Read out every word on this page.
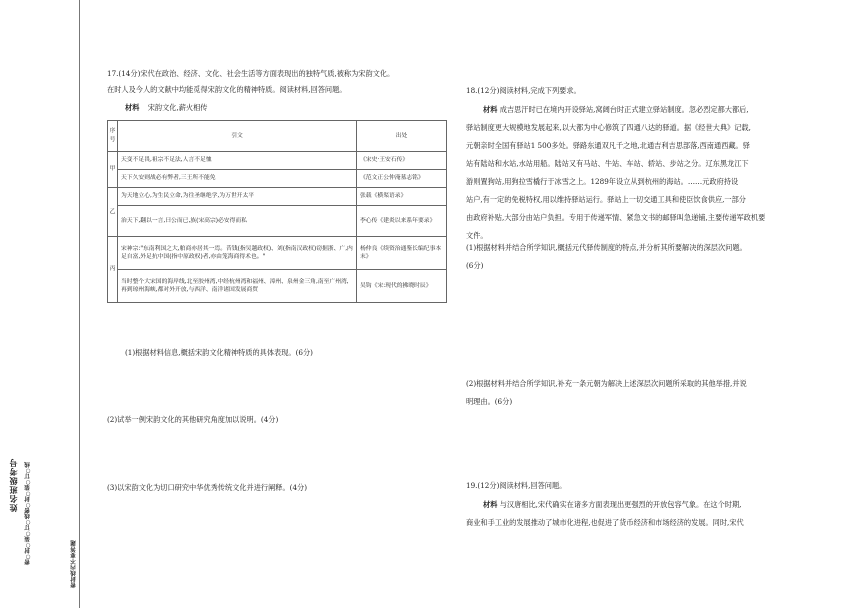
姓名班级考号 密○封○装○订○线密○封○装○订○线	密封线内不要答题
17.(14分)宋代在政治、经济、文化、社会生活等方面表现出的独特气质,被称为宋韵文化。
在时人及今人的文献中均能觅得宋韵文化的精神特质。阅读材料,回答问题。
材料 宋韵文化,薪火相传
序号	引文	出处
甲	天变不足畏,祖宗不足法,人言不足恤	《宋史·王安石传》
	天下久安则战必有弊者,三王所不能免	《范文正公仲淹墓志铭》
乙	为天地立心,为生民立命,为往圣继绝学,为万世开太平	张载《横渠语录》
	治天下,翻以一言,曰公而已,族(宋高宗)必安得而私	李心传《建炎以来系年要录》
丙	宋神宗:"东南利国之大,舶商亦居其一焉。昔钱(指吴越政权)、刘(指南汉政权)窃据浙、广,内足自富,外足抗中国(指中原政权)者,亦由笼海商得术也。"	杨仲良《续资治通鉴长编纪事本末》
	当时整个大宋国的海岸线,北至胶州湾,中经杭州湾和福州、漳州、泉州金三角,南至广州湾,再到琼州海峡,都对外开放,与西洋、南洋诸国发展商贸	吴钩《宋:现代的拂晓时辰》
(1)根据材料信息,概括宋韵文化精神特质的具体表现。(6分)
(2)试举一例宋韵文化的其他研究角度加以说明。(4分)
(3)以宋韵文化为切口研究中华优秀传统文化并进行阐释。(4分)
18.(12分)阅读材料,完成下列要求。
材料 成吉思汗时已在境内开设驿站,窝阔台时正式建立驿站制度。忽必烈定都大都后,
驿站制度更大规模地发展起来,以大都为中心修筑了四通八达的驿道。据《经世大典》记载,
元朝亲时全国有驿站1 500多处。驿路东通双凡千之地,北通吉利吉思部落,西南通西藏。驿
站有陆站和水站,水站用船。陆站又有马站、牛站、车站、轿站、步站之分。辽东黑龙江下
游则置狗站,用狗拉雪橇行于冰雪之上。1289年设立从到杭州的海站。……元政府持设
站户,有一定的免税特权,用以维持驿站运行。驿站上一切交通工具和使臣饮食供应,一部分
由政府补贴,大部分由站户负担。专用于传递军情、紧急文书的邮驿叫急递铺,主要传递军政机要
文件。
(1)根据材料并结合所学知识,概括元代驿传制度的特点,并分析其所要解决的深层次问题。
(6分)
(2)根据材料并结合所学知识,补充一条元朝为解决上述深层次问题所采取的其他举措,并说
明理由。(6分)
19.(12分)阅读材料,回答问题。
材料 与汉唐相比,宋代确实在诸多方面表现出更强烈的开放包容气象。在这个时期,
商业和手工业的发展推动了城市化进程,也促进了货币经济和市场经济的发展。同时,宋代
